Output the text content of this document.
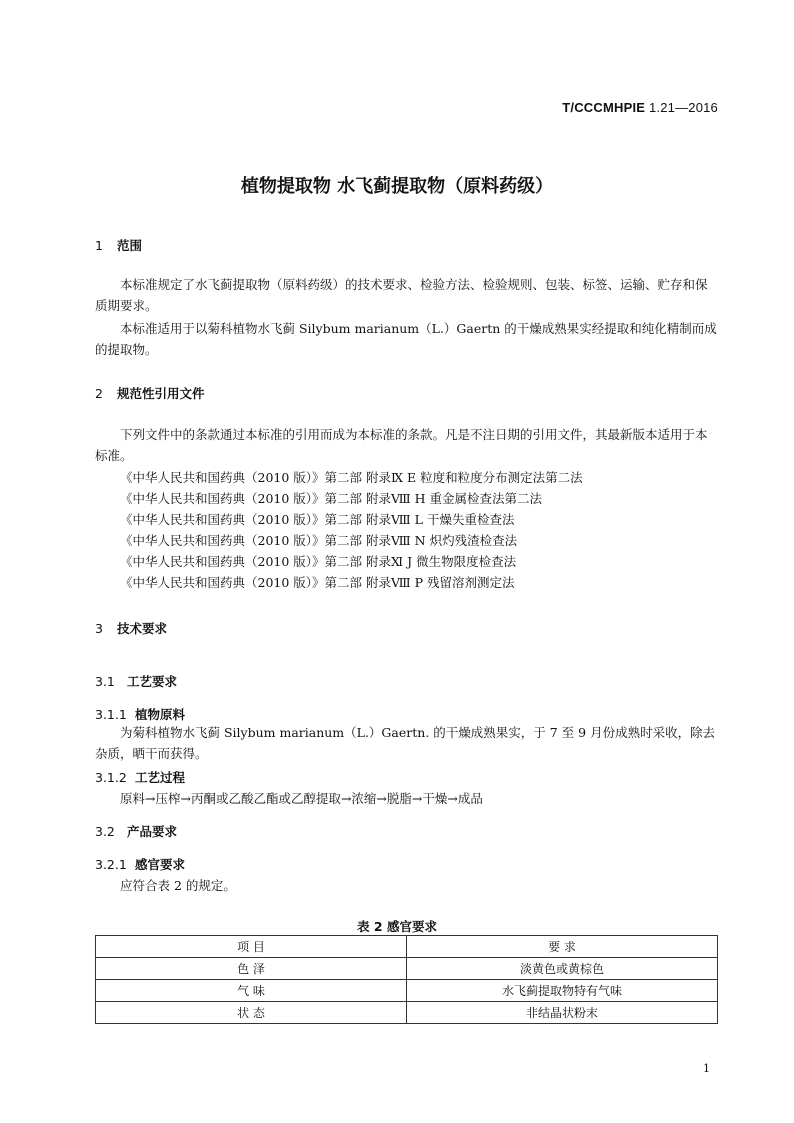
T/CCCMHPIE 1.21—2016
植物提取物 水飞蓟提取物（原料药级）
1 范围
本标准规定了水飞蓟提取物（原料药级）的技术要求、检验方法、检验规则、包装、标签、运输、贮存和保质期要求。
本标准适用于以菊科植物水飞蓟 Silybum marianum（L.）Gaertn 的干燥成熟果实经提取和纯化精制而成的提取物。
2 规范性引用文件
下列文件中的条款通过本标准的引用而成为本标准的条款。凡是不注日期的引用文件，其最新版本适用于本标准。
《中华人民共和国药典（2010 版）》第二部 附录Ⅸ E 粒度和粒度分布测定法第二法
《中华人民共和国药典（2010 版）》第二部 附录Ⅷ H 重金属检查法第二法
《中华人民共和国药典（2010 版）》第二部 附录Ⅷ L 干燥失重检查法
《中华人民共和国药典（2010 版）》第二部 附录Ⅷ N 炽灼残渣检查法
《中华人民共和国药典（2010 版）》第二部 附录Ⅺ J 微生物限度检查法
《中华人民共和国药典（2010 版）》第二部 附录Ⅷ P 残留溶剂测定法
3 技术要求
3.1 工艺要求
3.1.1 植物原料
为菊科植物水飞蓟 Silybum marianum（L.）Gaertn. 的干燥成熟果实，于 7 至 9 月份成熟时采收，除去杂质，晒干而获得。
3.1.2 工艺过程
原料→压榨→丙酮或乙酸乙酯或乙醇提取→浓缩→脱脂→干燥→成品
3.2 产品要求
3.2.1 感官要求
应符合表 2 的规定。
表 2 感官要求
项 目	要 求
色 泽	淡黄色或黄棕色
气 味	水飞蓟提取物特有气味
状 态	非结晶状粉末
1
